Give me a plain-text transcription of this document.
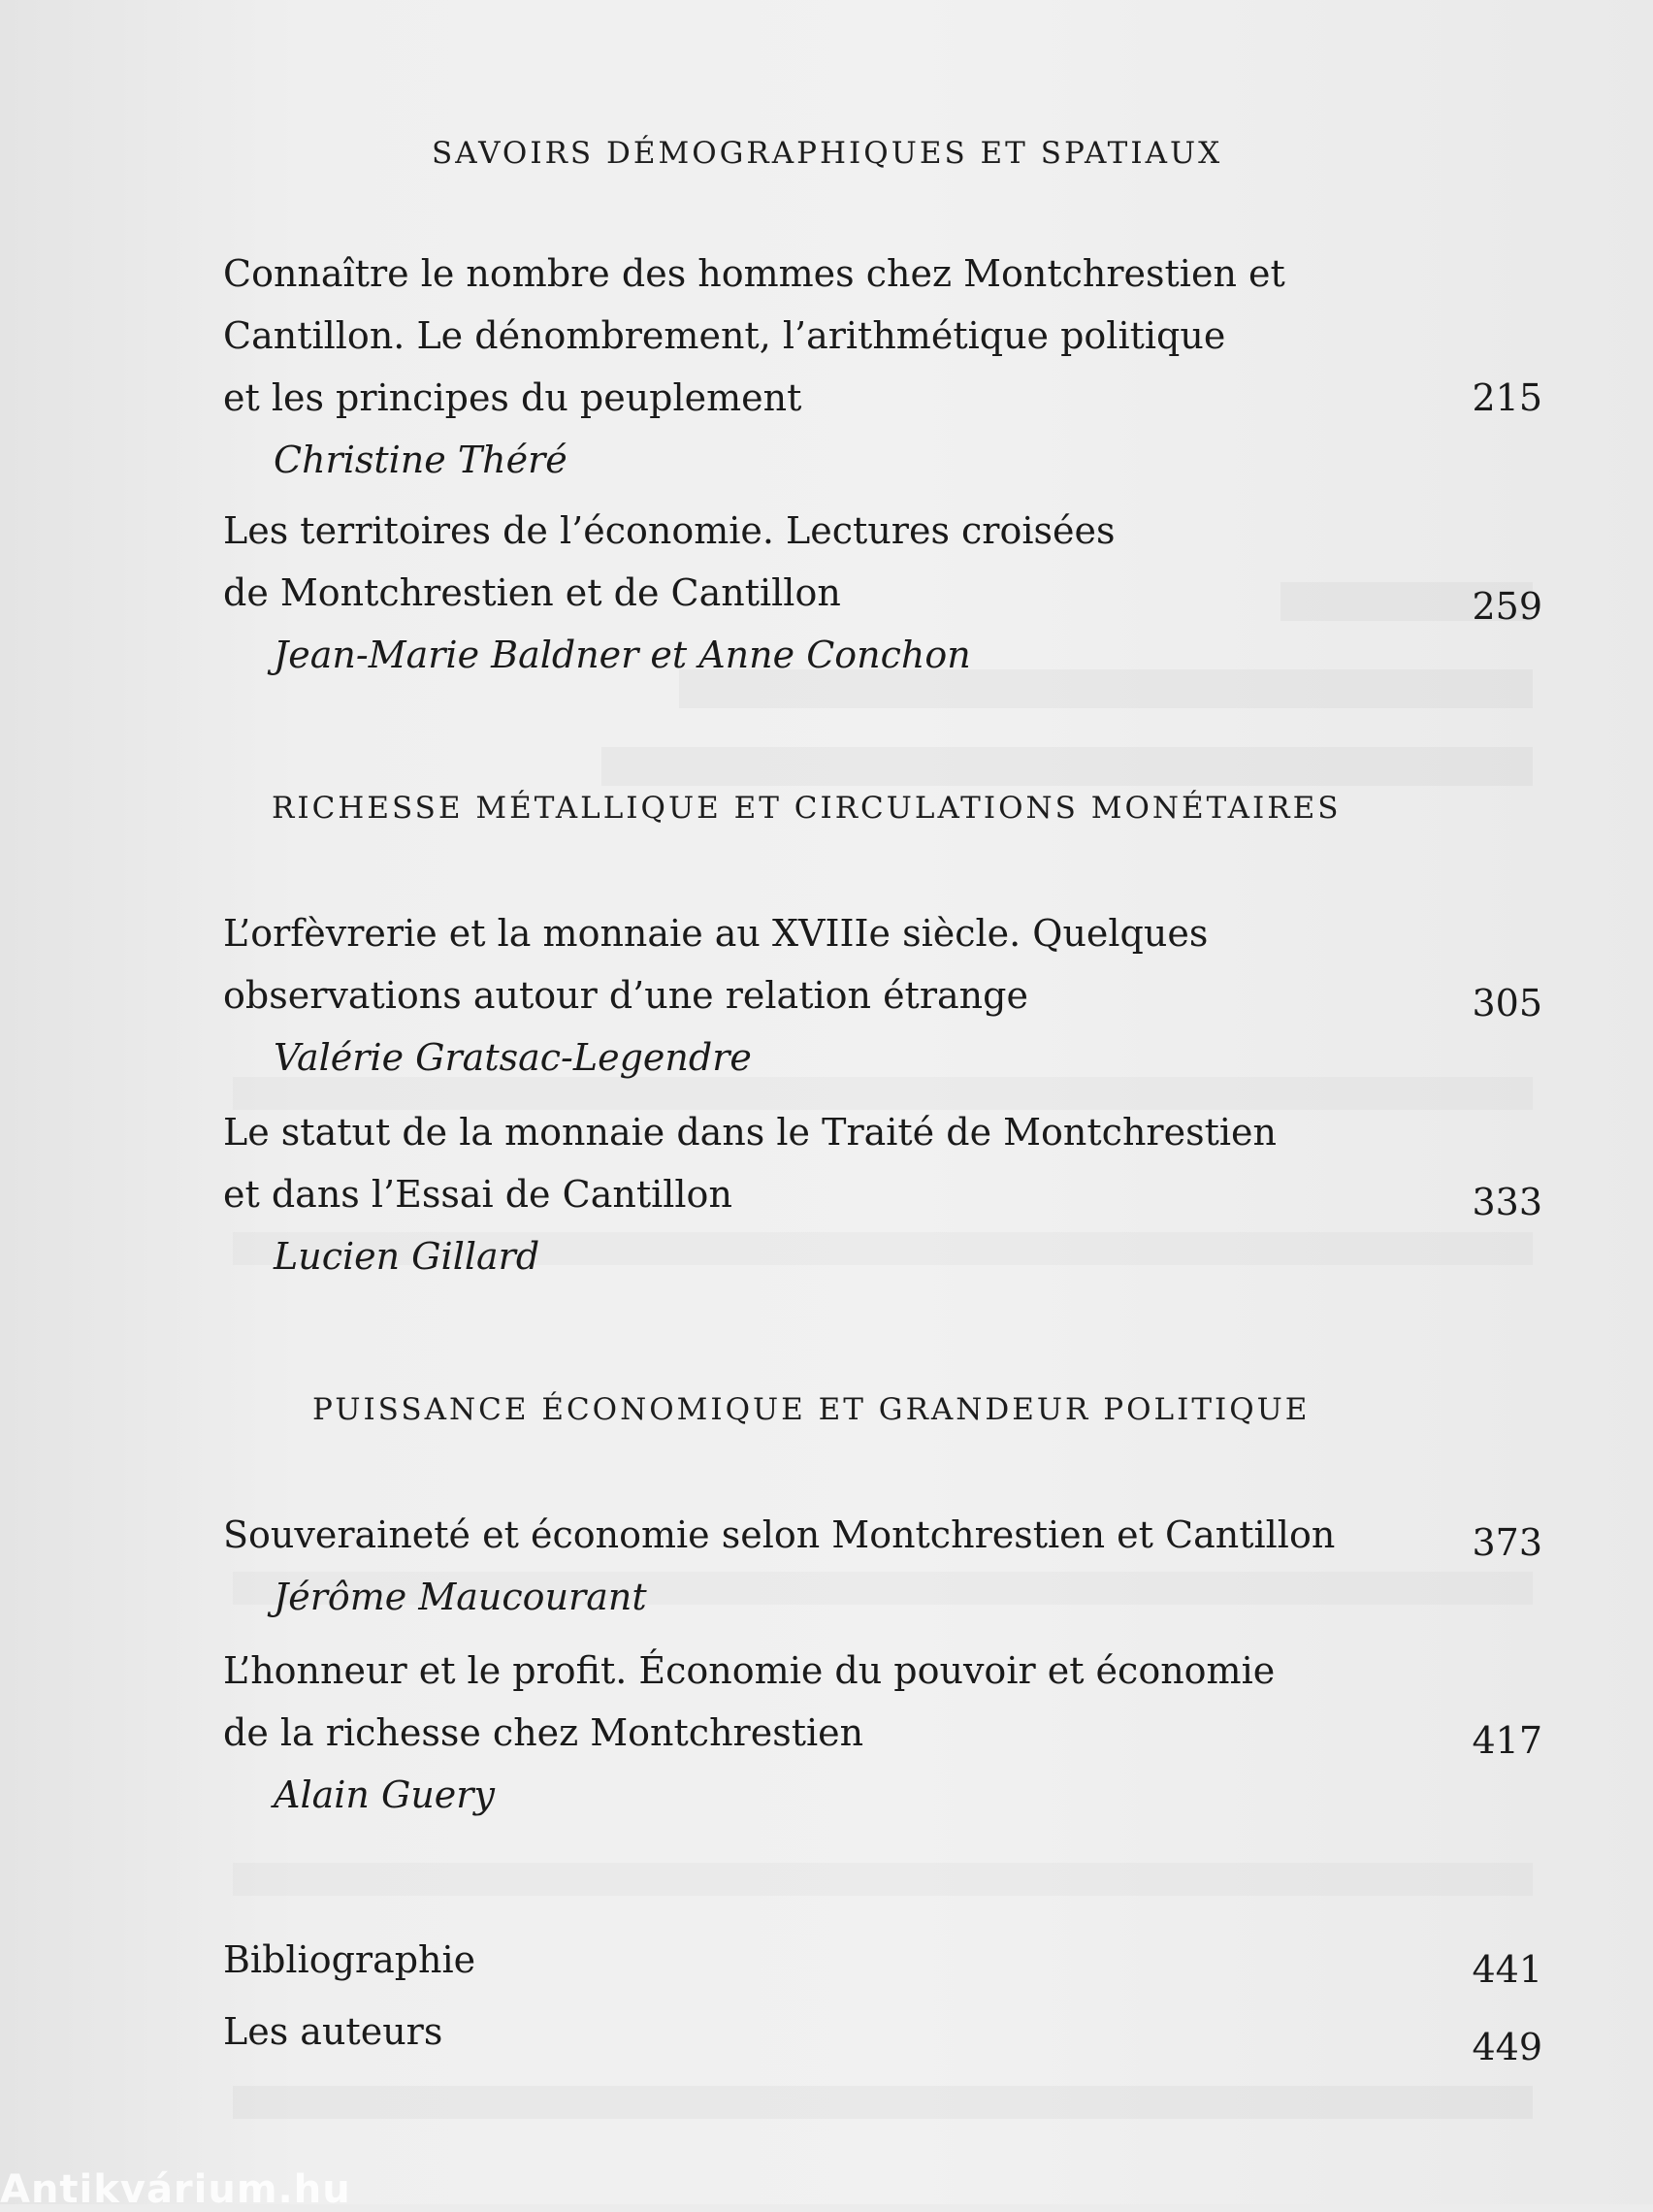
SAVOIRS DÉMOGRAPHIQUES ET SPATIAUX
Connaître le nombre des hommes chez Montchrestien et
Cantillon. Le dénombrement, l’arithmétique politique
et les principes du peuplement	215
Christine Théré
Les territoires de l’économie. Lectures croisées
de Montchrestien et de Cantillon	259
Jean-Marie Baldner et Anne Conchon
RICHESSE MÉTALLIQUE ET CIRCULATIONS MONÉTAIRES
L’orfèvrerie et la monnaie au XVIIIe siècle. Quelques
observations autour d’une relation étrange	305
Valérie Gratsac-Legendre
Le statut de la monnaie dans le Traité de Montchrestien
et dans l’Essai de Cantillon	333
Lucien Gillard
PUISSANCE ÉCONOMIQUE ET GRANDEUR POLITIQUE
Souveraineté et économie selon Montchrestien et Cantillon	373
Jérôme Maucourant
L’honneur et le profit. Économie du pouvoir et économie
de la richesse chez Montchrestien	417
Alain Guery
Bibliographie	441
Les auteurs	449
Antikvárium.hu
